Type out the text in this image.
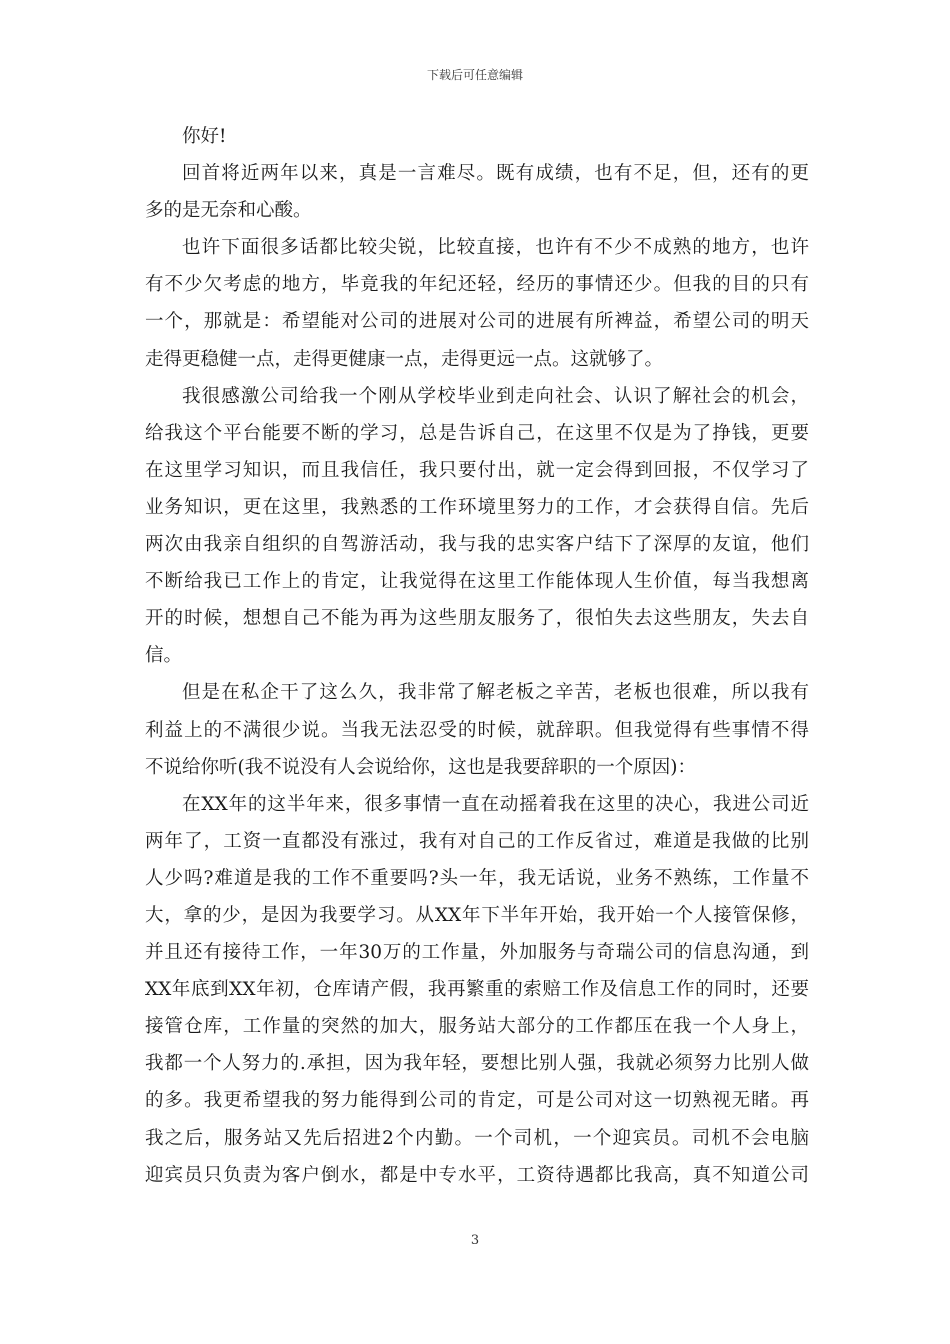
下载后可任意编辑
你好!
回首将近两年以来，真是一言难尽。既有成绩，也有不足，但，还有的更
多的是无奈和心酸。
也许下面很多话都比较尖锐，比较直接，也许有不少不成熟的地方，也许
有不少欠考虑的地方，毕竟我的年纪还轻，经历的事情还少。但我的目的只有
一个，那就是：希望能对公司的进展对公司的进展有所裨益，希望公司的明天
走得更稳健一点，走得更健康一点，走得更远一点。这就够了。
我很感激公司给我一个刚从学校毕业到走向社会、认识了解社会的机会，
给我这个平台能要不断的学习，总是告诉自己，在这里不仅是为了挣钱，更要
在这里学习知识，而且我信任，我只要付出，就一定会得到回报，不仅学习了
业务知识，更在这里，我熟悉的工作环境里努力的工作，才会获得自信。先后
两次由我亲自组织的自驾游活动，我与我的忠实客户结下了深厚的友谊，他们
不断给我已工作上的肯定，让我觉得在这里工作能体现人生价值，每当我想离
开的时候，想想自己不能为再为这些朋友服务了，很怕失去这些朋友，失去自
信。
但是在私企干了这么久，我非常了解老板之辛苦，老板也很难，所以我有
利益上的不满很少说。当我无法忍受的时候，就辞职。但我觉得有些事情不得
不说给你听(我不说没有人会说给你，这也是我要辞职的一个原因)：
在XX年的这半年来，很多事情一直在动摇着我在这里的决心，我进公司近
两年了，工资一直都没有涨过，我有对自己的工作反省过，难道是我做的比别
人少吗?难道是我的工作不重要吗?头一年，我无话说，业务不熟练，工作量不
大，拿的少，是因为我要学习。从XX年下半年开始，我开始一个人接管保修，
并且还有接待工作，一年30万的工作量，外加服务与奇瑞公司的信息沟通，到
XX年底到XX年初，仓库请产假，我再繁重的索赔工作及信息工作的同时，还要
接管仓库，工作量的突然的加大，服务站大部分的工作都压在我一个人身上，
我都一个人努力的.承担，因为我年轻，要想比别人强，我就必须努力比别人做
的多。我更希望我的努力能得到公司的肯定，可是公司对这一切熟视无睹。再
我之后，服务站又先后招进2个内勤。一个司机，一个迎宾员。司机不会电脑
迎宾员只负责为客户倒水，都是中专水平，工资待遇都比我高，真不知道公司
3
